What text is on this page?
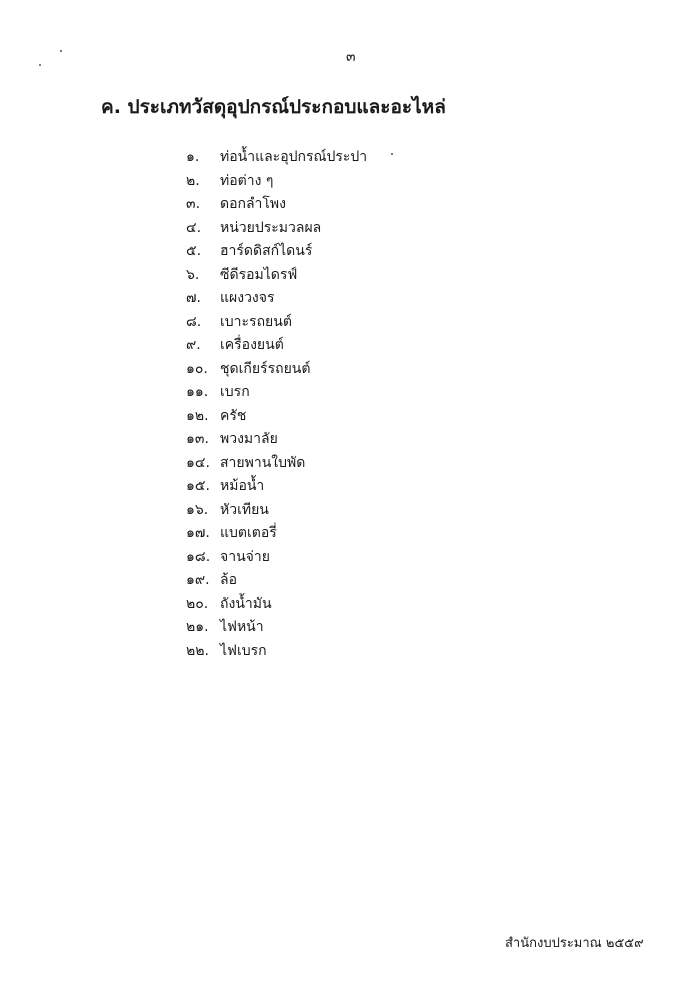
๓
ค. ประเภทวัสดุอุปกรณ์ประกอบและอะไหล่
๑. ท่อน้ำและอุปกรณ์ประปา
๒. ท่อต่าง ๆ
๓. ดอกลำโพง
๔. หน่วยประมวลผล
๕. ฮาร์ดดิสก์ไดนร์
๖. ซีดีรอมไดรฟ์
๗. แผงวงจร
๘. เบาะรถยนต์
๙. เครื่องยนต์
๑๐. ชุดเกียร์รถยนต์
๑๑. เบรก
๑๒. ครัช
๑๓. พวงมาลัย
๑๔. สายพานใบพัด
๑๕. หม้อน้ำ
๑๖. หัวเทียน
๑๗. แบตเตอรี่
๑๘. จานจ่าย
๑๙. ล้อ
๒๐. ถังน้ำมัน
๒๑. ไฟหน้า
๒๒. ไฟเบรก
สำนักงบประมาณ ๒๕๕๙
